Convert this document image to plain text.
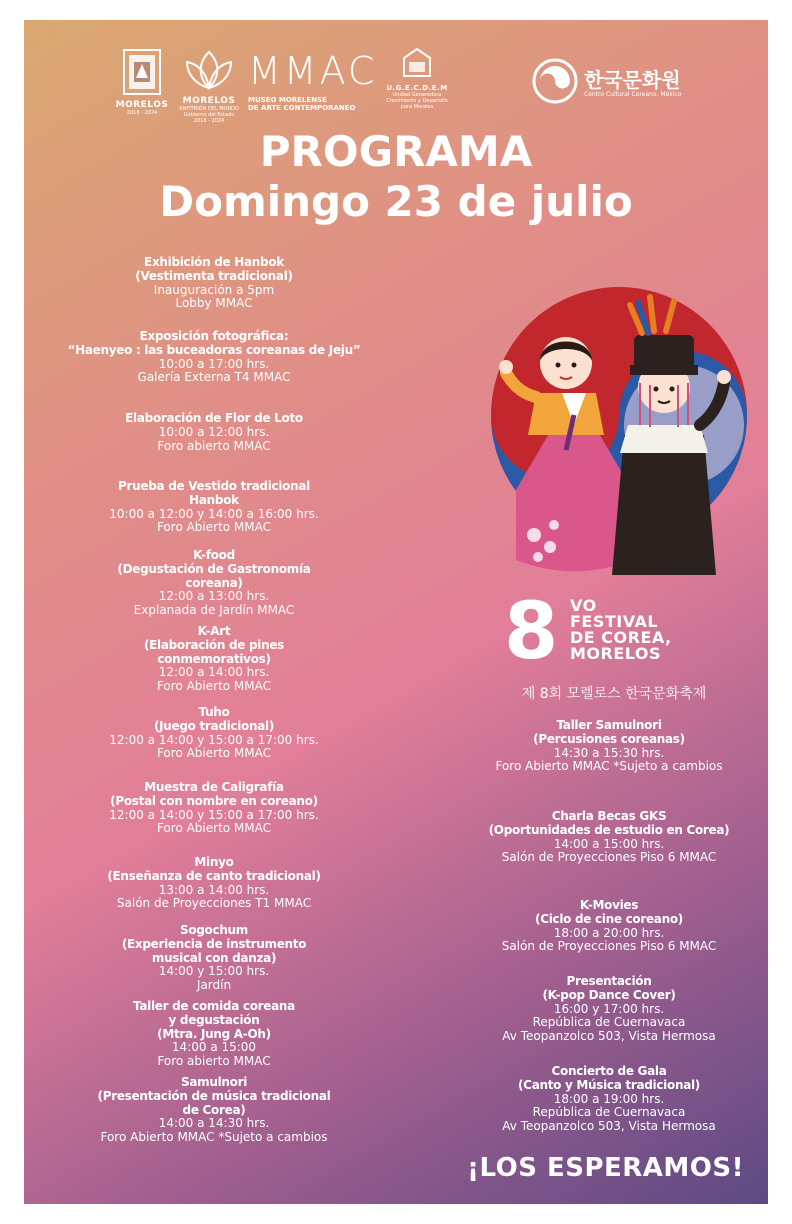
MORELOS
2018 - 2024
MORELOS
ANFITRIÓN DEL MUNDO
Gobierno del Estado
2018 - 2024
MMAC
MUSEO MORELENSE
DE ARTE CONTEMPORANEO
U.G.E.C.D.E.M
Unidad Generadora
Crecimiento y Desarrollo
para Morelos
한국문화원
Centro Cultural Coreano, México
PROGRAMA
Domingo 23 de julio
Exhibición de Hanbok
(Vestimenta tradicional)
Inauguración a 5pm
Lobby MMAC
Exposición fotográfica:
“Haenyeo : las buceadoras coreanas de Jeju”
10:00 a 17:00 hrs.
Galería Externa T4 MMAC
Elaboración de Flor de Loto
10:00 a 12:00 hrs.
Foro abierto MMAC
Prueba de Vestido tradicional
Hanbok
10:00 a 12:00 y 14:00 a 16:00 hrs.
Foro Abierto MMAC
K-food
(Degustación de Gastronomía
coreana)
12:00 a 13:00 hrs.
Explanada de Jardín MMAC
K-Art
(Elaboración de pines
conmemorativos)
12:00 a 14:00 hrs.
Foro Abierto MMAC
Tuho
(Juego tradicional)
12:00 a 14:00 y 15:00 a 17:00 hrs.
Foro Abierto MMAC
Muestra de Caligrafía
(Postal con nombre en coreano)
12:00 a 14:00 y 15:00 a 17:00 hrs.
Foro Abierto MMAC
Minyo
(Enseñanza de canto tradicional)
13:00 a 14:00 hrs.
Salón de Proyecciones T1 MMAC
Sogochum
(Experiencia de instrumento
musical con danza)
14:00 y 15:00 hrs.
Jardín
Taller de comida coreana
y degustación
(Mtra. Jung A-Oh)
14:00 a 15:00
Foro abierto MMAC
Samulnori
(Presentación de música tradicional
de Corea)
14:00 a 14:30 hrs.
Foro Abierto MMAC *Sujeto a cambios
8 VO
FESTIVAL
DE COREA,
MORELOS
제 8회 모렐로스 한국문화축제
Taller Samulnori
(Percusiones coreanas)
14:30 a 15:30 hrs.
Foro Abierto MMAC *Sujeto a cambios
Charla Becas GKS
(Oportunidades de estudio en Corea)
14:00 a 15:00 hrs.
Salón de Proyecciones Piso 6 MMAC
K-Movies
(Ciclo de cine coreano)
18:00 a 20:00 hrs.
Salón de Proyecciones Piso 6 MMAC
Presentación
(K-pop Dance Cover)
16:00 y 17:00 hrs.
República de Cuernavaca
Av Teopanzolco 503, Vista Hermosa
Concierto de Gala
(Canto y Música tradicional)
18:00 a 19:00 hrs.
República de Cuernavaca
Av Teopanzolco 503, Vista Hermosa
¡LOS ESPERAMOS!
